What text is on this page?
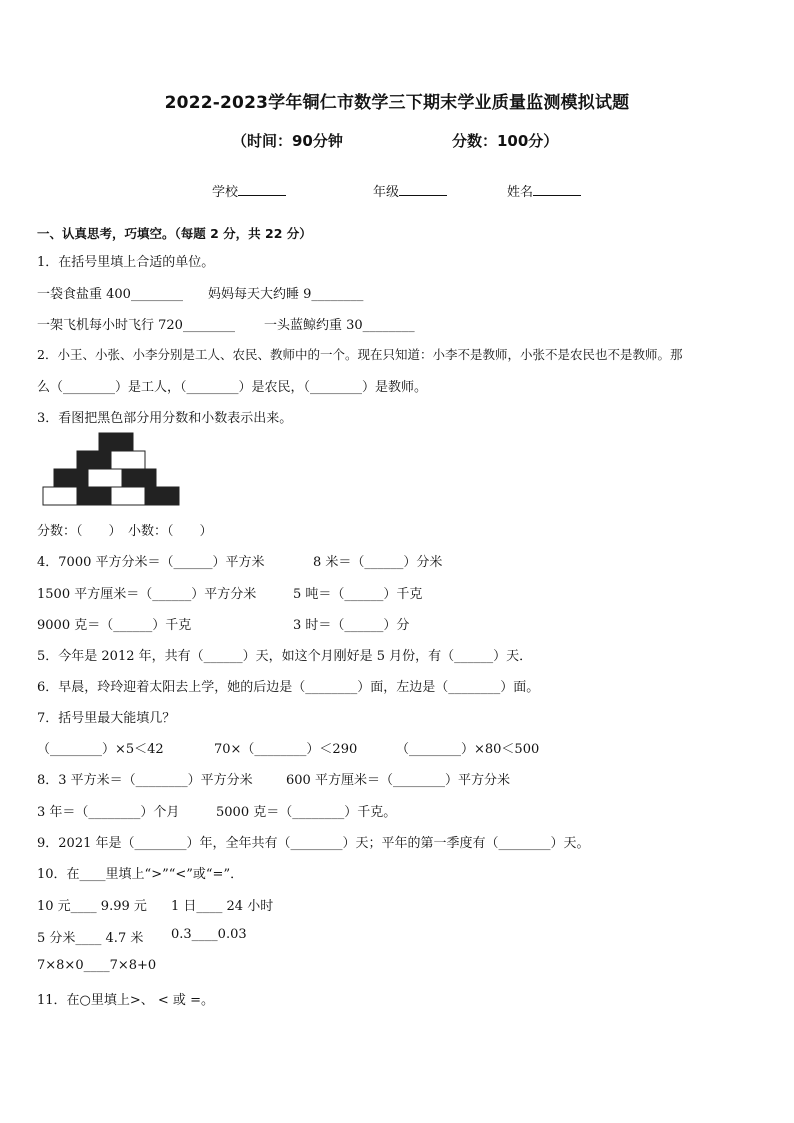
2022-2023学年铜仁市数学三下期末学业质量监测模拟试题
（时间：90分钟	分数：100分）
学校	年级	姓名
一、认真思考，巧填空。（每题 2 分，共 22 分）
1．在括号里填上合适的单位。
一袋食盐重 400________ 妈妈每天大约睡 9________
一架飞机每小时飞行 720________ 一头蓝鲸约重 30________
2．小王、小张、小李分别是工人、农民、教师中的一个。现在只知道：小李不是教师，小张不是农民也不是教师。那
么（________）是工人，（________）是农民，（________）是教师。
3．看图把黑色部分用分数和小数表示出来。
分数：（　　）　小数：（　　）
4．7000 平方分米＝（______）平方米	8 米＝（______）分米
1500 平方厘米＝（______）平方分米	5 吨＝（______）千克
9000 克＝（______）千克	3 时＝（______）分
5．今年是 2012 年，共有（______）天，如这个月刚好是 5 月份，有（______）天．
6．早晨，玲玲迎着太阳去上学，她的后边是（________）面，左边是（________）面。
7．括号里最大能填几？
（________）×5＜42	70×（________）＜290	（________）×80＜500
8．3 平方米＝（________）平方分米	600 平方厘米＝（________）平方分米
3 年＝（________）个月	5000 克＝（________）千克。
9．2021 年是（________）年，全年共有（________）天；平年的第一季度有（________）天。
10．在____里填上“>”“<”或“=”．
10 元____ 9.99 元 1 日____ 24 小时
5 分米____ 4.7 米 0.3____0.03
7×8×0____7×8+0
11．在○里填上>、 < 或 =。
